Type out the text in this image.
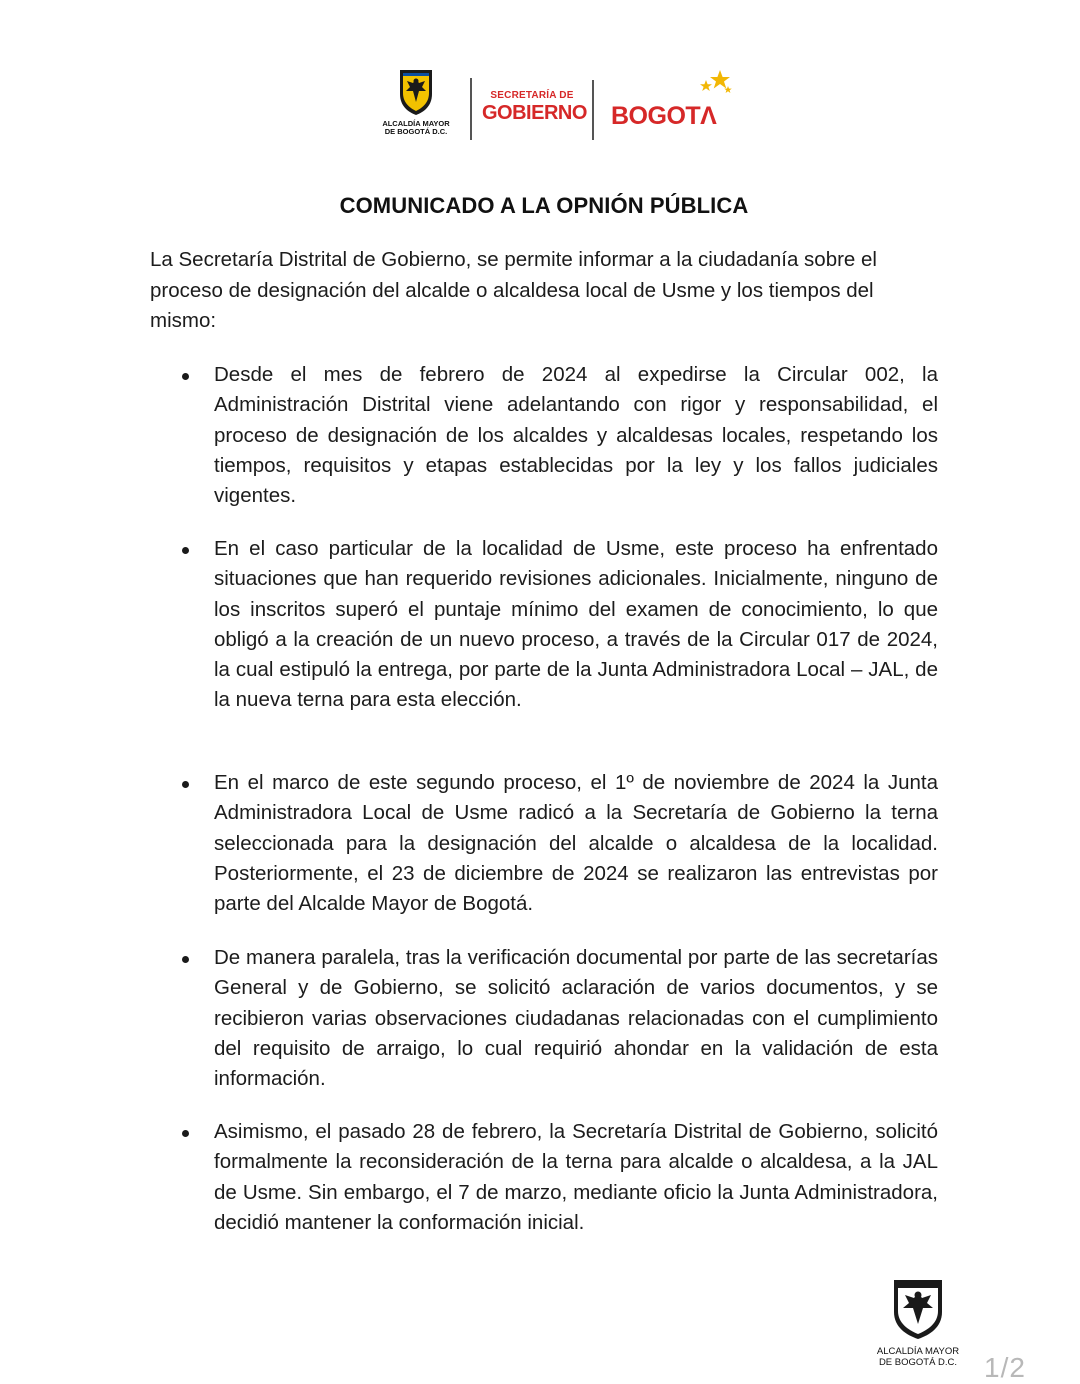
ALCALDÍA MAYOR
DE BOGOTÁ D.C.
SECRETARÍA DE
GOBIERNO BOGOTΛ
COMUNICADO A LA OPNIÓN PÚBLICA

La Secretaría Distrital de Gobierno, se permite informar a la ciudadanía sobre el proceso de designación del alcalde o alcaldesa local de Usme y los tiempos del mismo:

Desde el mes de febrero de 2024 al expedirse la Circular 002, la Administración Distrital viene adelantando con rigor y responsabilidad, el proceso de designación de los alcaldes y alcaldesas locales, respetando los tiempos, requisitos y etapas establecidas por la ley y los fallos judiciales vigentes.
En el caso particular de la localidad de Usme, este proceso ha enfrentado situaciones que han requerido revisiones adicionales. Inicialmente, ninguno de los inscritos superó el puntaje mínimo del examen de conocimiento, lo que obligó a la creación de un nuevo proceso, a través de la Circular 017 de 2024, la cual estipuló la entrega, por parte de la Junta Administradora Local – JAL, de la nueva terna para esta elección.
En el marco de este segundo proceso, el 1º de noviembre de 2024 la Junta Administradora Local de Usme radicó a la Secretaría de Gobierno la terna seleccionada para la designación del alcalde o alcaldesa de la localidad. Posteriormente, el 23 de diciembre de 2024 se realizaron las entrevistas por parte del Alcalde Mayor de Bogotá.
De manera paralela, tras la verificación documental por parte de las secretarías General y de Gobierno, se solicitó aclaración de varios documentos, y se recibieron varias observaciones ciudadanas relacionadas con el cumplimiento del requisito de arraigo, lo cual requirió ahondar en la validación de esta información.
Asimismo, el pasado 28 de febrero, la Secretaría Distrital de Gobierno, solicitó formalmente la reconsideración de la terna para alcalde o alcaldesa, a la JAL de Usme. Sin embargo, el 7 de marzo, mediante oficio la Junta Administradora, decidió mantener la conformación inicial.
ALCALDÍA MAYOR
DE BOGOTÁ D.C. 1/2
